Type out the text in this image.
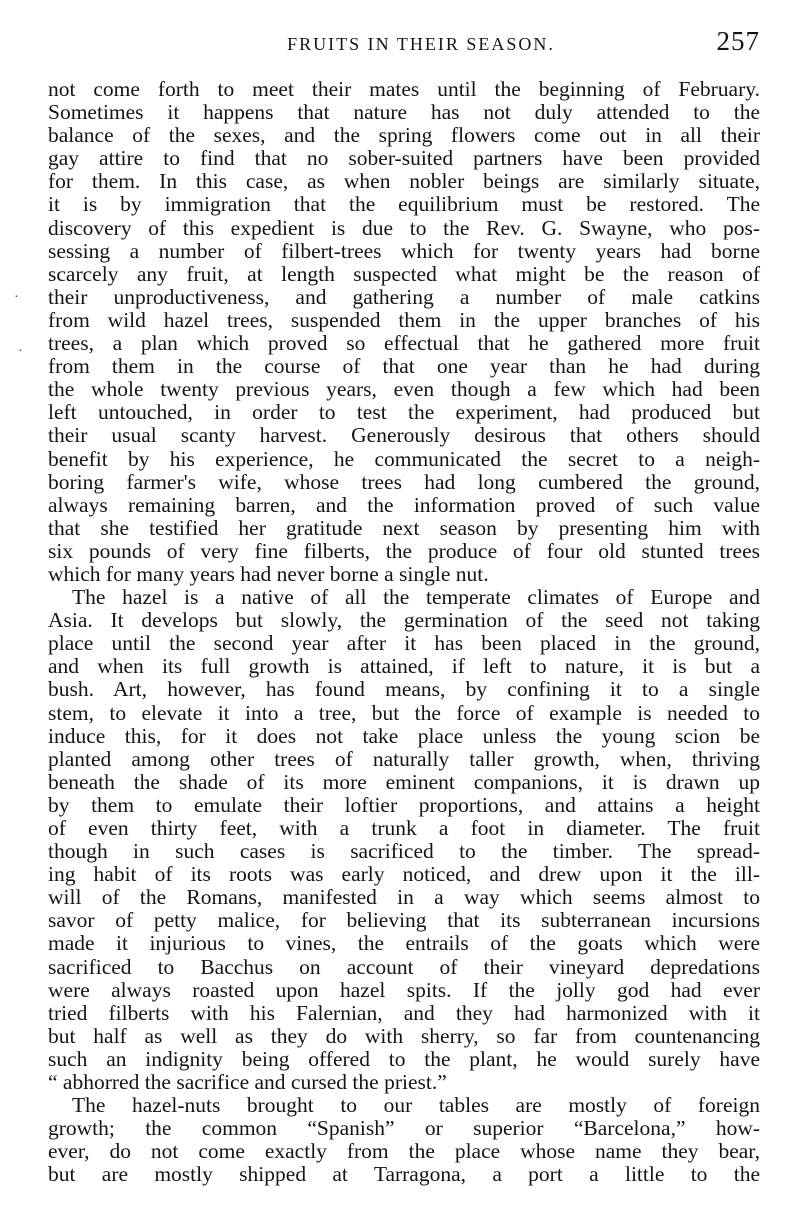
FRUITS IN THEIR SEASON.	257
·
·
not come forth to meet their mates until the beginning of February.
Sometimes it happens that nature has not duly attended to the
balance of the sexes, and the spring flowers come out in all their
gay attire to find that no sober-suited partners have been provided
for them. In this case, as when nobler beings are similarly situate,
it is by immigration that the equilibrium must be restored. The
discovery of this expedient is due to the Rev. G. Swayne, who pos-
sessing a number of filbert-trees which for twenty years had borne
scarcely any fruit, at length suspected what might be the reason of
their unproductiveness, and gathering a number of male catkins
from wild hazel trees, suspended them in the upper branches of his
trees, a plan which proved so effectual that he gathered more fruit
from them in the course of that one year than he had during
the whole twenty previous years, even though a few which had been
left untouched, in order to test the experiment, had produced but
their usual scanty harvest. Generously desirous that others should
benefit by his experience, he communicated the secret to a neigh-
boring farmer's wife, whose trees had long cumbered the ground,
always remaining barren, and the information proved of such value
that she testified her gratitude next season by presenting him with
six pounds of very fine filberts, the produce of four old stunted trees
which for many years had never borne a single nut.
The hazel is a native of all the temperate climates of Europe and
Asia. It develops but slowly, the germination of the seed not taking
place until the second year after it has been placed in the ground,
and when its full growth is attained, if left to nature, it is but a
bush. Art, however, has found means, by confining it to a single
stem, to elevate it into a tree, but the force of example is needed to
induce this, for it does not take place unless the young scion be
planted among other trees of naturally taller growth, when, thriving
beneath the shade of its more eminent companions, it is drawn up
by them to emulate their loftier proportions, and attains a height
of even thirty feet, with a trunk a foot in diameter. The fruit
though in such cases is sacrificed to the timber. The spread-
ing habit of its roots was early noticed, and drew upon it the ill-
will of the Romans, manifested in a way which seems almost to
savor of petty malice, for believing that its subterranean incursions
made it injurious to vines, the entrails of the goats which were
sacrificed to Bacchus on account of their vineyard depredations
were always roasted upon hazel spits. If the jolly god had ever
tried filberts with his Falernian, and they had harmonized with it
but half as well as they do with sherry, so far from countenancing
such an indignity being offered to the plant, he would surely have
“ abhorred the sacrifice and cursed the priest.”
The hazel-nuts brought to our tables are mostly of foreign
growth; the common “Spanish” or superior “Barcelona,” how-
ever, do not come exactly from the place whose name they bear,
but are mostly shipped at Tarragona, a port a little to the
